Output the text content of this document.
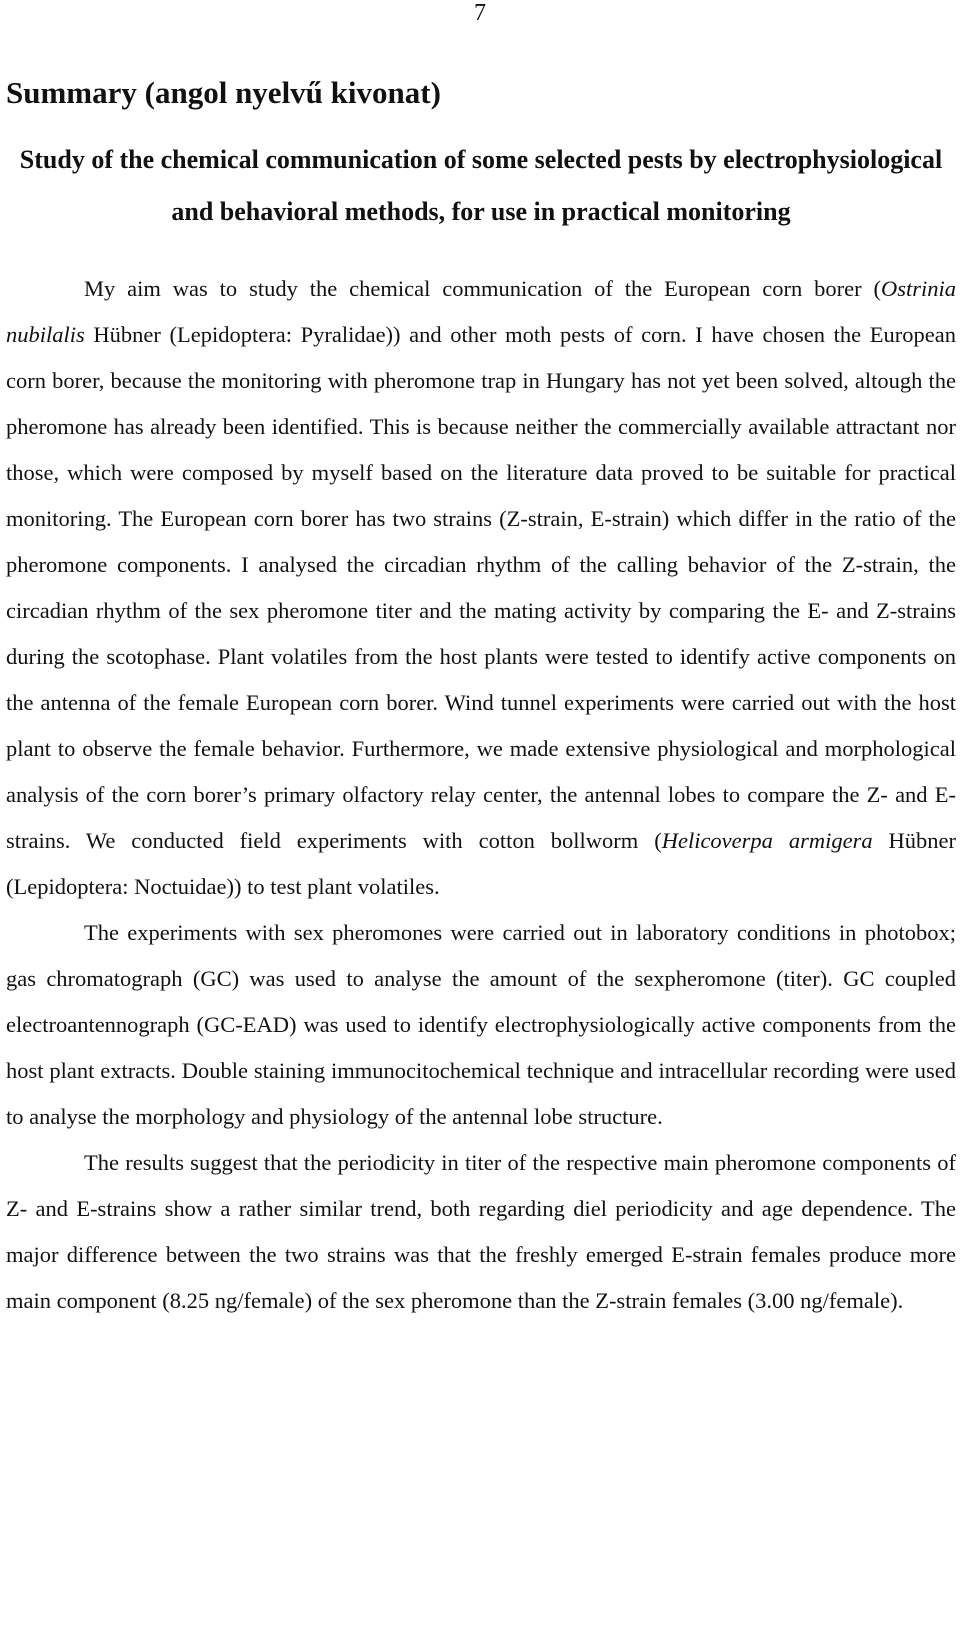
7
Summary (angol nyelvű kivonat)
Study of the chemical communication of some selected pests by electrophysiological and behavioral methods, for use in practical monitoring

My aim was to study the chemical communication of the European corn borer (Ostrinia nubilalis Hübner (Lepidoptera: Pyralidae)) and other moth pests of corn. I have chosen the European corn borer, because the monitoring with pheromone trap in Hungary has not yet been solved, altough the pheromone has already been identified. This is because neither the commercially available attractant nor those, which were composed by myself based on the literature data proved to be suitable for practical monitoring. The European corn borer has two strains (Z-strain, E-strain) which differ in the ratio of the pheromone components. I analysed the circadian rhythm of the calling behavior of the Z-strain, the circadian rhythm of the sex pheromone titer and the mating activity by comparing the E- and Z-strains during the scotophase. Plant volatiles from the host plants were tested to identify active components on the antenna of the female European corn borer. Wind tunnel experiments were carried out with the host plant to observe the female behavior. Furthermore, we made extensive physiological and morphological analysis of the corn borer’s primary olfactory relay center, the antennal lobes to compare the Z- and E-strains. We conducted field experiments with cotton bollworm (Helicoverpa armigera Hübner (Lepidoptera: Noctuidae)) to test plant volatiles.

The experiments with sex pheromones were carried out in laboratory conditions in photobox; gas chromatograph (GC) was used to analyse the amount of the sexpheromone (titer). GC coupled electroantennograph (GC-EAD) was used to identify electrophysiologically active components from the host plant extracts. Double staining immunocitochemical technique and intracellular recording were used to analyse the morphology and physiology of the antennal lobe structure.

The results suggest that the periodicity in titer of the respective main pheromone components of Z- and E-strains show a rather similar trend, both regarding diel periodicity and age dependence. The major difference between the two strains was that the freshly emerged E-strain females produce more main component (8.25 ng/female) of the sex pheromone than the Z-strain females (3.00 ng/female).
